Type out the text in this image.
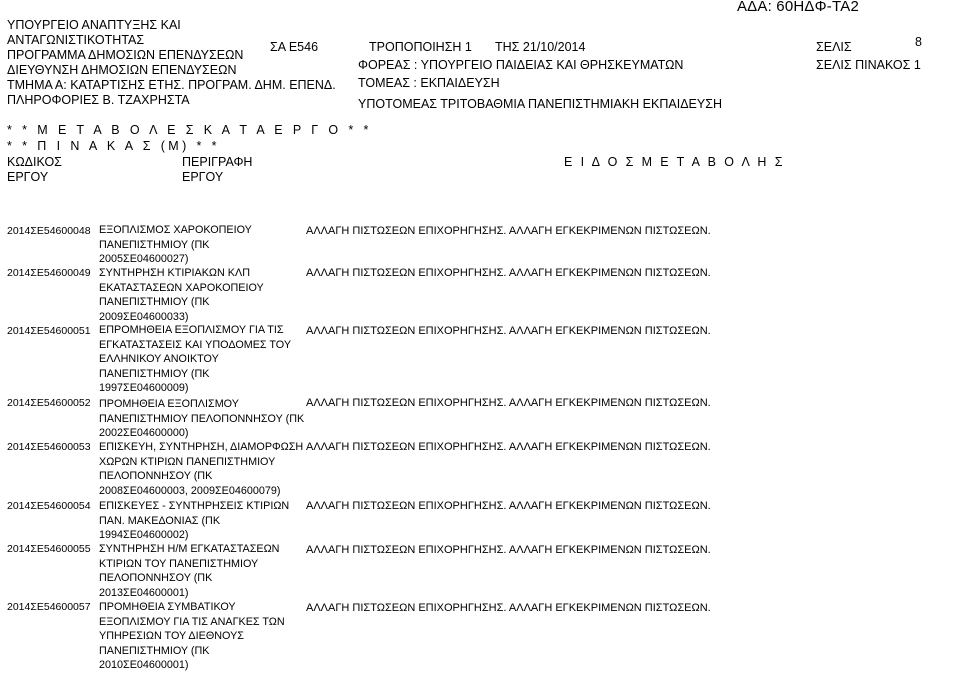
ΑΔΑ: 60ΗΔΦ-ΤΑ2
ΥΠΟΥΡΓΕΙΟ ΑΝΑΠΤΥΞΗΣ ΚΑΙ
ΑΝΤΑΓΩΝΙΣΤΙΚΟΤΗΤΑΣ
ΠΡΟΓΡΑΜΜΑ ΔΗΜΟΣΙΩΝ ΕΠΕΝΔΥΣΕΩΝ
ΔΙΕΥΘΥΝΣΗ ΔΗΜΟΣΙΩΝ ΕΠΕΝΔΥΣΕΩΝ
ΤΜΗΜΑ Α: ΚΑΤΑΡΤΙΣΗΣ ΕΤΗΣ. ΠΡΟΓΡΑΜ. ΔΗΜ. ΕΠΕΝΔ.
ΠΛΗΡΟΦΟΡΙΕΣ Β. ΤΖΑΧΡΗΣΤΑ
ΣΑ Ε546	ΤΡΟΠΟΠΟΙΗΣΗ 1 ΤΗΣ 21/10/2014
ΦΟΡΕΑΣ : ΥΠΟΥΡΓΕΙΟ ΠΑΙΔΕΙΑΣ ΚΑΙ ΘΡΗΣΚΕΥΜΑΤΩΝ
ΤΟΜΕΑΣ : ΕΚΠΑΙΔΕΥΣΗ
ΥΠΟΤΟΜΕΑΣ ΤΡΙΤΟΒΑΘΜΙΑ ΠΑΝΕΠΙΣΤΗΜΙΑΚΗ ΕΚΠΑΙΔΕΥΣΗ
ΣΕΛΙΣ	8
ΣΕΛΙΣ ΠΙΝΑΚΟΣ 1
* * Μ Ε Τ Α Β Ο Λ Ε Σ Κ Α Τ Α Ε Ρ Γ Ο * *
* * Π Ι Ν Α Κ Α Σ (Μ) * *
ΚΩΔΙΚΟΣ
ΕΡΓΟΥ
ΠΕΡΙΓΡΑΦΗ
ΕΡΓΟΥ
Ε Ι Δ Ο Σ Μ Ε Τ Α Β Ο Λ Η Σ
2014ΣΕ54600048 ΕΞΟΠΛΙΣΜΟΣ ΧΑΡΟΚΟΠΕΙΟΥ
ΠΑΝΕΠΙΣΤΗΜΙΟΥ (ΠΚ
2005ΣΕ04600027)
ΑΛΛΑΓΗ ΠΙΣΤΩΣΕΩΝ ΕΠΙΧΟΡΗΓΗΣΗΣ. ΑΛΛΑΓΗ ΕΓΚΕΚΡΙΜΕΝΩΝ ΠΙΣΤΩΣΕΩΝ.
2014ΣΕ54600049 ΣΥΝΤΗΡΗΣΗ ΚΤΙΡΙΑΚΩΝ ΚΛΠ
ΕΚΑΤΑΣΤΑΣΕΩΝ ΧΑΡΟΚΟΠΕΙΟΥ
ΠΑΝΕΠΙΣΤΗΜΙΟΥ (ΠΚ
2009ΣΕ04600033)
ΑΛΛΑΓΗ ΠΙΣΤΩΣΕΩΝ ΕΠΙΧΟΡΗΓΗΣΗΣ. ΑΛΛΑΓΗ ΕΓΚΕΚΡΙΜΕΝΩΝ ΠΙΣΤΩΣΕΩΝ.
2014ΣΕ54600051 ΕΠΡΟΜΗΘΕΙΑ ΕΞΟΠΛΙΣΜΟΥ ΓΙΑ ΤΙΣ
ΕΓΚΑΤΑΣΤΑΣΕΙΣ ΚΑΙ ΥΠΟΔΟΜΕΣ ΤΟΥ
ΕΛΛΗΝΙΚΟΥ ΑΝΟΙΚΤΟΥ
ΠΑΝΕΠΙΣΤΗΜΙΟΥ (ΠΚ
1997ΣΕ04600009)
ΑΛΛΑΓΗ ΠΙΣΤΩΣΕΩΝ ΕΠΙΧΟΡΗΓΗΣΗΣ. ΑΛΛΑΓΗ ΕΓΚΕΚΡΙΜΕΝΩΝ ΠΙΣΤΩΣΕΩΝ.
2014ΣΕ54600052 ΠΡΟΜΗΘΕΙΑ ΕΞΟΠΛΙΣΜΟΥ
ΠΑΝΕΠΙΣΤΗΜΙΟΥ ΠΕΛΟΠΟΝΝΗΣΟΥ (ΠΚ
2002ΣΕ04600000)
ΑΛΛΑΓΗ ΠΙΣΤΩΣΕΩΝ ΕΠΙΧΟΡΗΓΗΣΗΣ. ΑΛΛΑΓΗ ΕΓΚΕΚΡΙΜΕΝΩΝ ΠΙΣΤΩΣΕΩΝ.
2014ΣΕ54600053 ΕΠΙΣΚΕΥΗ, ΣΥΝΤΗΡΗΣΗ, ΔΙΑΜΟΡΦΩΣΗ
ΧΩΡΩΝ ΚΤΙΡΙΩΝ ΠΑΝΕΠΙΣΤΗΜΙΟΥ
ΠΕΛΟΠΟΝΝΗΣΟΥ (ΠΚ
2008ΣΕ04600003, 2009ΣΕ04600079)
ΑΛΛΑΓΗ ΠΙΣΤΩΣΕΩΝ ΕΠΙΧΟΡΗΓΗΣΗΣ. ΑΛΛΑΓΗ ΕΓΚΕΚΡΙΜΕΝΩΝ ΠΙΣΤΩΣΕΩΝ.
2014ΣΕ54600054 ΕΠΙΣΚΕΥΕΣ - ΣΥΝΤΗΡΗΣΕΙΣ ΚΤΙΡΙΩΝ
ΠΑΝ. ΜΑΚΕΔΟΝΙΑΣ (ΠΚ
1994ΣΕ04600002)
ΑΛΛΑΓΗ ΠΙΣΤΩΣΕΩΝ ΕΠΙΧΟΡΗΓΗΣΗΣ. ΑΛΛΑΓΗ ΕΓΚΕΚΡΙΜΕΝΩΝ ΠΙΣΤΩΣΕΩΝ.
2014ΣΕ54600055 ΣΥΝΤΗΡΗΣΗ Η/Μ ΕΓΚΑΤΑΣΤΑΣΕΩΝ
ΚΤΙΡΙΩΝ ΤΟΥ ΠΑΝΕΠΙΣΤΗΜΙΟΥ
ΠΕΛΟΠΟΝΝΗΣΟΥ (ΠΚ
2013ΣΕ04600001)
ΑΛΛΑΓΗ ΠΙΣΤΩΣΕΩΝ ΕΠΙΧΟΡΗΓΗΣΗΣ. ΑΛΛΑΓΗ ΕΓΚΕΚΡΙΜΕΝΩΝ ΠΙΣΤΩΣΕΩΝ.
2014ΣΕ54600057 ΠΡΟΜΗΘΕΙΑ ΣΥΜΒΑΤΙΚΟΥ
ΕΞΟΠΛΙΣΜΟΥ ΓΙΑ ΤΙΣ ΑΝΑΓΚΕΣ ΤΩΝ
ΥΠΗΡΕΣΙΩΝ ΤΟΥ ΔΙΕΘΝΟΥΣ
ΠΑΝΕΠΙΣΤΗΜΙΟΥ (ΠΚ
2010ΣΕ04600001)
ΑΛΛΑΓΗ ΠΙΣΤΩΣΕΩΝ ΕΠΙΧΟΡΗΓΗΣΗΣ. ΑΛΛΑΓΗ ΕΓΚΕΚΡΙΜΕΝΩΝ ΠΙΣΤΩΣΕΩΝ.
